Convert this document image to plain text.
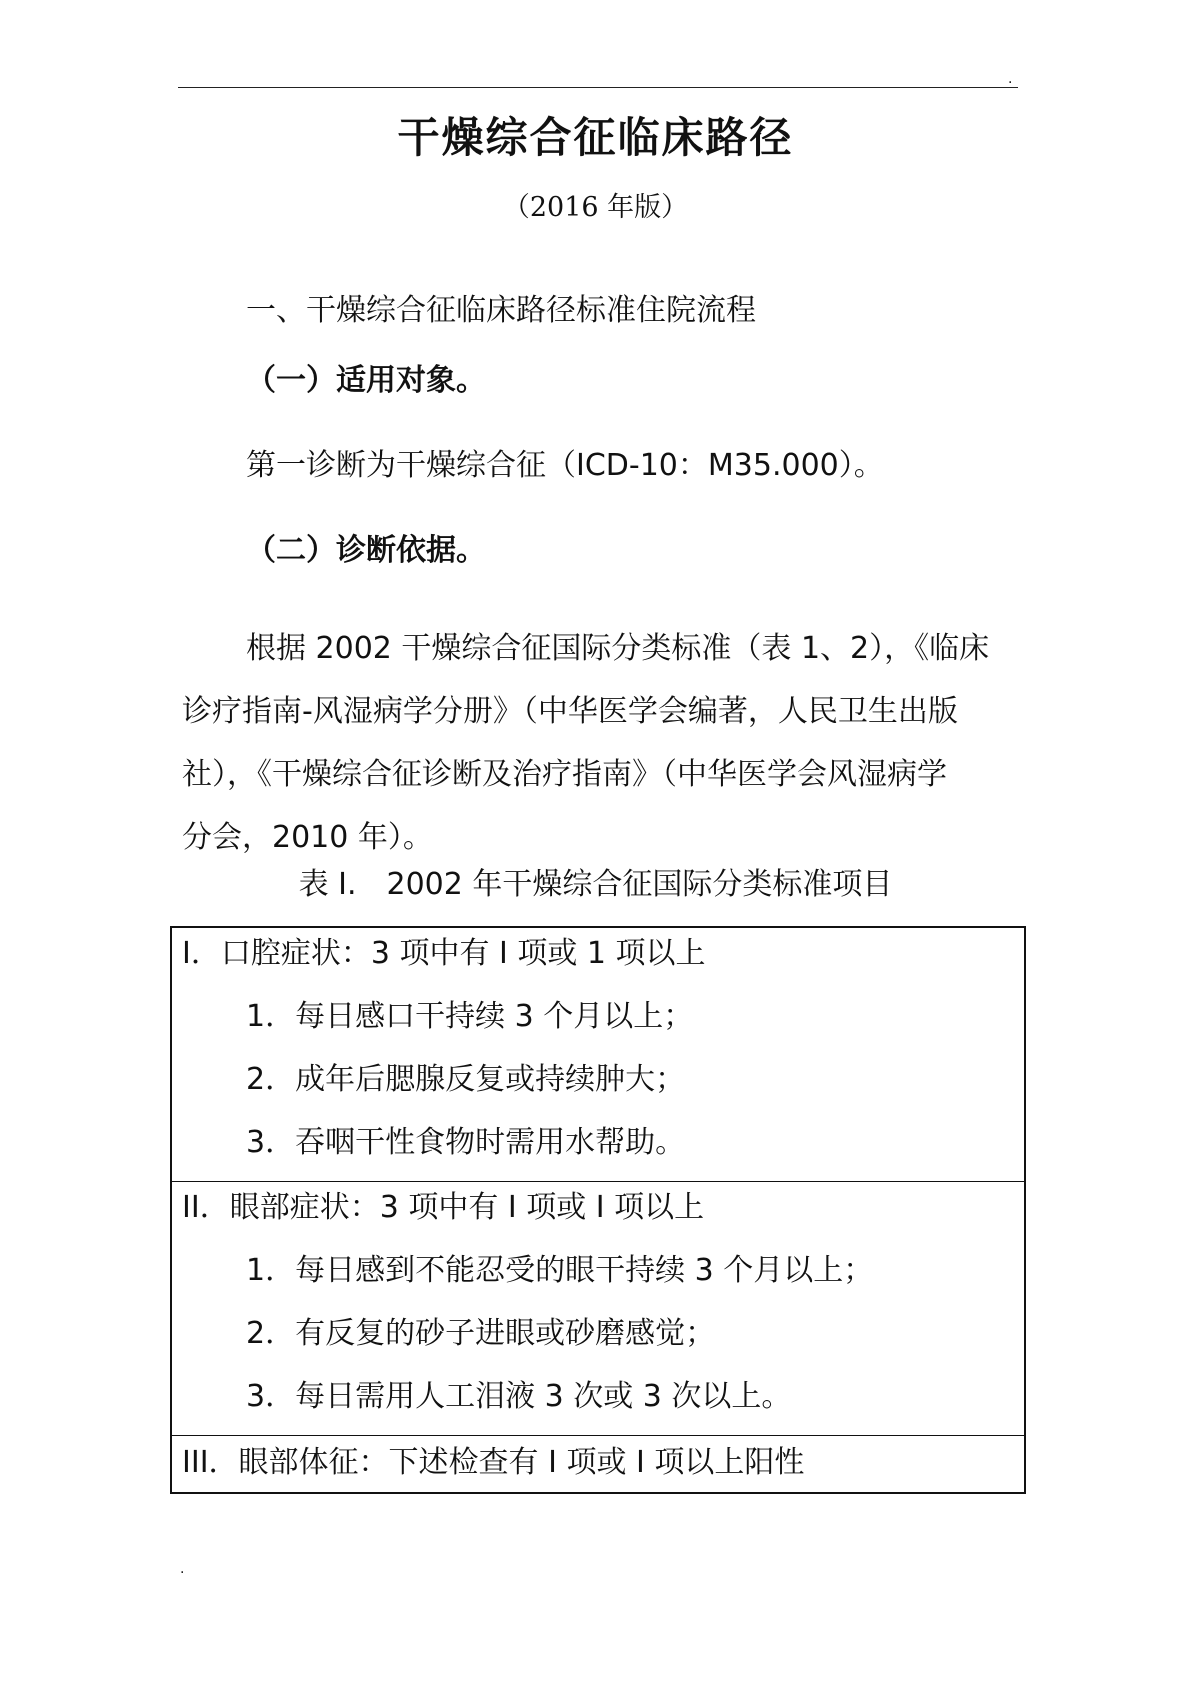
.
干燥综合征临床路径
（2016 年版）
一、干燥综合征临床路径标准住院流程
（一）适用对象。
第一诊断为干燥综合征（ICD-10：M35.000）。
（二）诊断依据。
根据 2002 干燥综合征国际分类标准（表 1、2），《临床
诊疗指南-风湿病学分册》（中华医学会编著，人民卫生出版
社），《干燥综合征诊断及治疗指南》（中华医学会风湿病学
分会，2010 年）。
表 I.　2002 年干燥综合征国际分类标准项目
I．口腔症状：3 项中有 I 项或 1 项以上
1．每日感口干持续 3 个月以上；
2．成年后腮腺反复或持续肿大；
3．吞咽干性食物时需用水帮助。
II．眼部症状：3 项中有 I 项或 I 项以上
1．每日感到不能忍受的眼干持续 3 个月以上；
2．有反复的砂子进眼或砂磨感觉；
3．每日需用人工泪液 3 次或 3 次以上。
III．眼部体征：下述检查有 I 项或 I 项以上阳性
.
